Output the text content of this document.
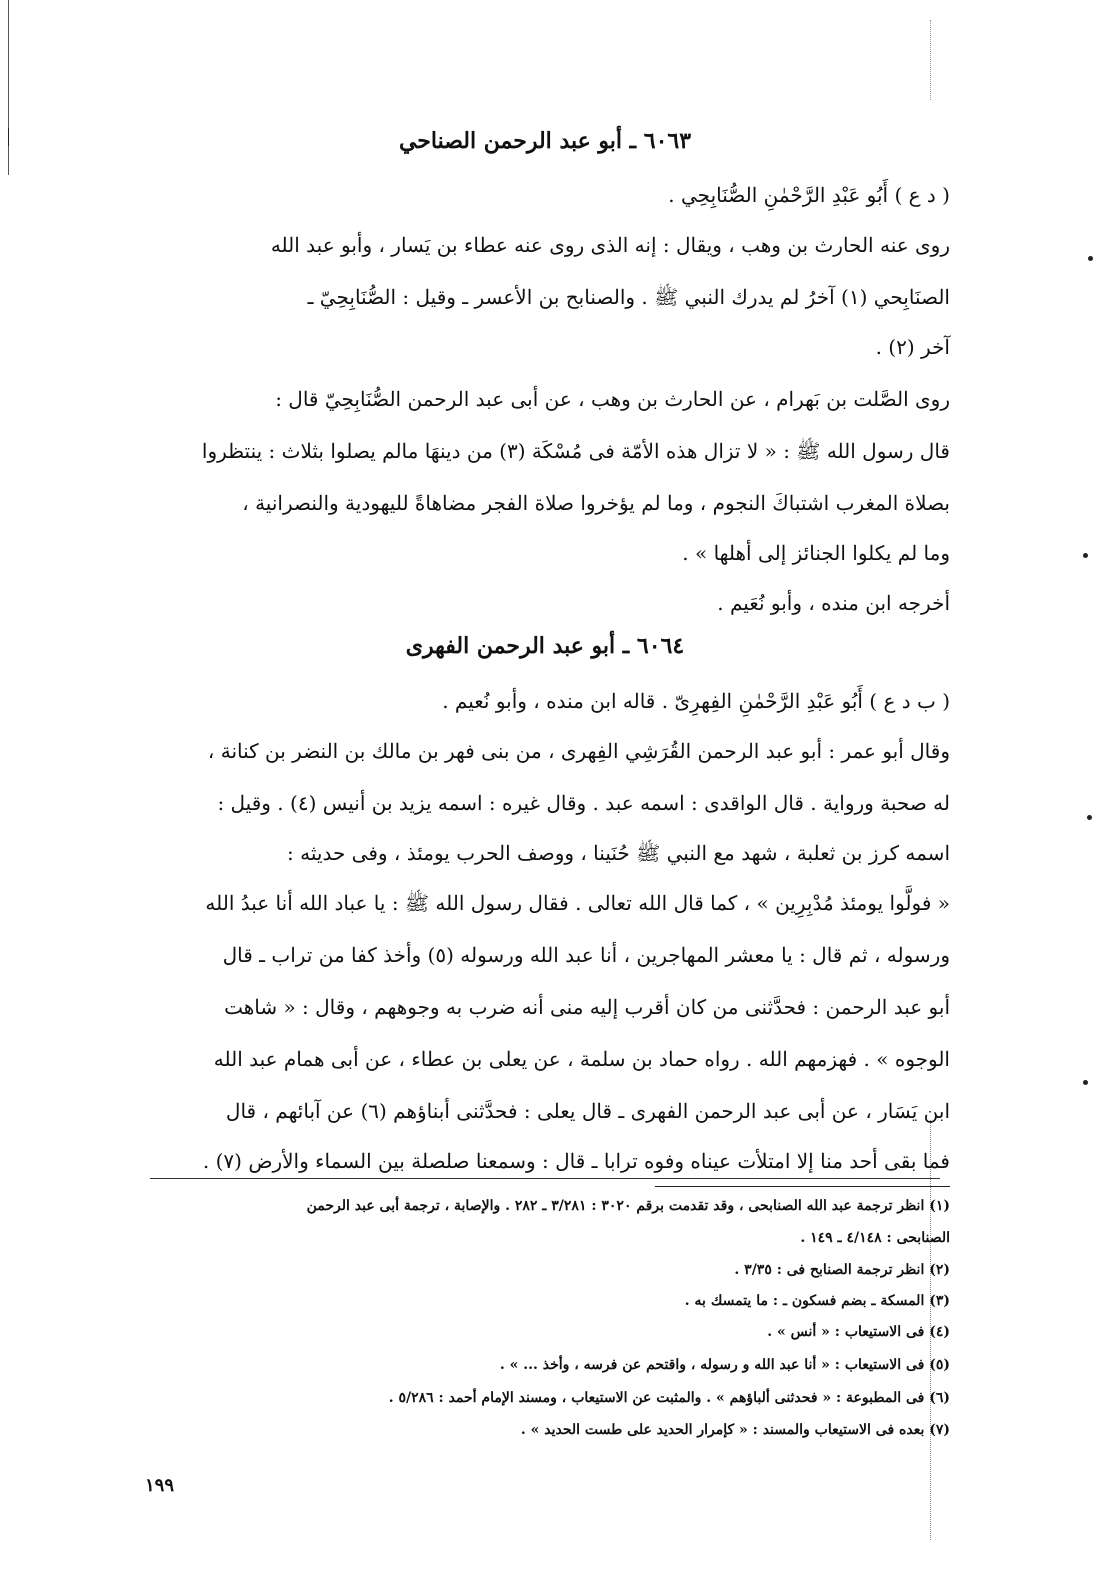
٦٠٦٣ ـ أبو عبد الرحمن الصناحي
( د ع ) أَبُو عَبْدِ الرَّحْمٰنِ الصُّنَابِحِي .
روى عنه الحارث بن وهب ، ويقال : إنه الذى روى عنه عطاء بن يَسار ، وأبو عبد الله
الصنَابِحي (١) آخرُ لم يدرك النبي ﷺ . والصنابح بن الأعسر ـ وقيل : الصُّنَابِحِيّ ـ
آخر (٢) .
روى الصَّلت بن بَهرام ، عن الحارث بن وهب ، عن أبى عبد الرحمن الصُّنَابِحِيّ قال :
قال رسول الله ﷺ : « لا تزال هذه الأمّة فى مُسْكَة (٣) من دينهَا مالم يصلوا بثلاث : ينتظروا
بصلاة المغرب اشتباكَ النجوم ، وما لم يؤخروا صلاة الفجر مضاهاةً لليهودية والنصرانية ،
وما لم يكلوا الجنائز إلى أهلها » .
أخرجه ابن منده ، وأبو نُعَيم .
٦٠٦٤ ـ أبو عبد الرحمن الفهرى
( ب د ع ) أَبُو عَبْدِ الرَّحْمٰنِ الفِهرِىّ . قاله ابن منده ، وأبو نُعيم .
وقال أبو عمر : أبو عبد الرحمن القُرَشِي الفِهرى ، من بنى فهر بن مالك بن النضر بن كنانة ،
له صحبة ورواية . قال الواقدى : اسمه عبد . وقال غيره : اسمه يزيد بن أنيس (٤) . وقيل :
اسمه كرز بن ثعلبة ، شهد مع النبي ﷺ حُنَينا ، ووصف الحرب يومئذ ، وفى حديثه :
« فولَّوا يومئذ مُدْبِرِين » ، كما قال الله تعالى . فقال رسول الله ﷺ : يا عباد الله أنا عبدُ الله
ورسوله ، ثم قال : يا معشر المهاجرين ، أنا عبد الله ورسوله (٥) وأخذ كفا من تراب ـ قال
أبو عبد الرحمن : فحدَّثنى من كان أقرب إليه منى أنه ضرب به وجوههم ، وقال : « شاهت
الوجوه » . فهزمهم الله . رواه حماد بن سلمة ، عن يعلى بن عطاء ، عن أبى همام عبد الله
ابن يَسَار ، عن أبى عبد الرحمن الفهرى ـ قال يعلى : فحدَّثنى أبناؤهم (٦) عن آبائهم ، قال
فما بقى أحد منا إلا امتلأت عيناه وفوه ترابا ـ قال : وسمعنا صلصلة بين السماء والأرض (٧) .
(١) انظر ترجمة عبد الله الصنابحى ، وقد تقدمت برقم ٣٠٢٠ : ٣/٢٨١ ـ ٢٨٢ . والإصابة ، ترجمة أبى عبد الرحمن
الصنابحى : ٤/١٤٨ ـ ١٤٩ .
(٢) انظر ترجمة الصنابح فى : ٣/٣٥ .
(٣) المسكة ـ بضم فسكون ـ : ما يتمسك به .
(٤) فى الاستيعاب : « أنس » .
(٥) فى الاستيعاب : « أنا عبد الله و رسوله ، واقتحم عن فرسه ، وأخذ ... » .
(٦) فى المطبوعة : « فحدثنى ألباؤهم » . والمثبت عن الاستيعاب ، ومسند الإمام أحمد : ٥/٢٨٦ .
(٧) بعده فى الاستيعاب والمسند : « كإمرار الحديد على طست الحديد » .
١٩٩
